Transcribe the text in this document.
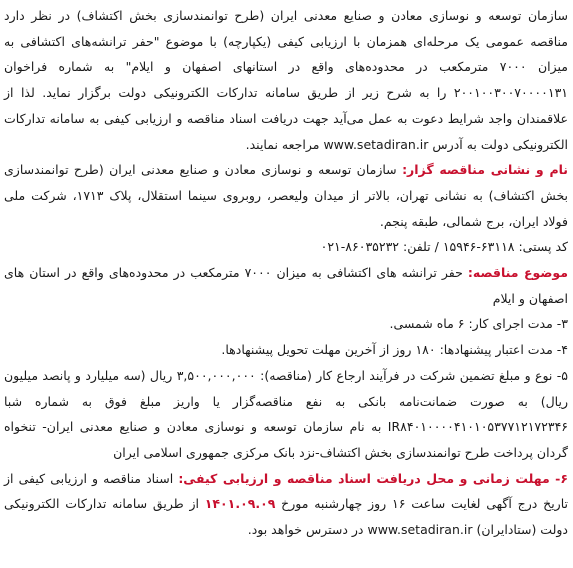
سازمان توسعه و نوسازی معادن و صنایع معدنی ایران (طرح توانمندسازی بخش اکتشاف) در نظر دارد مناقصه عمومی یک مرحله‌ای همزمان با ارزیابی کیفی (یکپارچه) با موضوع "حفر ترانشه‌های اکتشافی به میزان ۷۰۰۰ مترمکعب در محدوده‌های واقع در استانهای اصفهان و ایلام" به شماره فراخوان ۲۰۰۱۰۰۳۰۰۷۰۰۰۰۱۳۱ را به شرح زیر از طریق سامانه تدارکات الکترونیکی دولت برگزار نماید. لذا از علاقمندان واجد شرایط دعوت به عمل می‌آید جهت دریافت اسناد مناقصه و ارزیابی کیفی به سامانه تدارکات الکترونیکی دولت به آدرس www.setadiran.ir مراجعه نمایند.

نام و نشانی مناقصه گزار: سازمان توسعه و نوسازی معادن و صنایع معدنی ایران (طرح توانمندسازی بخش اکتشاف) به نشانی تهران، بالاتر از میدان ولیعصر، روبروی سینما استقلال، پلاک ۱۷۱۳، شرکت ملی فولاد ایران، برج شمالی، طبقه پنجم.

کد پستی: ۶۳۱۱۸-۱۵۹۴۶ / تلفن: ۸۶۰۳۵۲۳۲-۰۲۱

موضوع مناقصه: حفر ترانشه های اکتشافی به میزان ۷۰۰۰ مترمکعب در محدوده‌های واقع در استان های اصفهان و ایلام

۳- مدت اجرای کار: ۶ ماه شمسی.

۴- مدت اعتبار پیشنهادها: ۱۸۰ روز از آخرین مهلت تحویل پیشنهادها.

۵- نوع و مبلغ تضمین شرکت در فرآیند ارجاع کار (مناقصه): ۳,۵۰۰,۰۰۰,۰۰۰ ریال (سه میلیارد و پانصد میلیون ریال) به صورت ضمانت‌نامه بانکی به نفع مناقصه‌گزار یا واریز مبلغ فوق به شماره شبا IR۸۴۰۱۰۰۰۰۴۱۰۱۰۵۳۷۷۱۲۱۷۲۳۴۶ به نام سازمان توسعه و نوسازی معادن و صنایع معدنی ایران- تنخواه گردان پرداخت طرح توانمندسازی بخش اکتشاف-نزد بانک مرکزی جمهوری اسلامی ایران

۶- مهلت زمانی و محل دریافت اسناد مناقصه و ارزیابی کیفی: اسناد مناقصه و ارزیابی کیفی از تاریخ درج آگهی لغایت ساعت ۱۶ روز چهارشنبه مورخ ۱۴۰۱.۰۹.۰۹ از طریق سامانه تدارکات الکترونیکی دولت (ستادایران) www.setadiran.ir در دسترس خواهد بود.
